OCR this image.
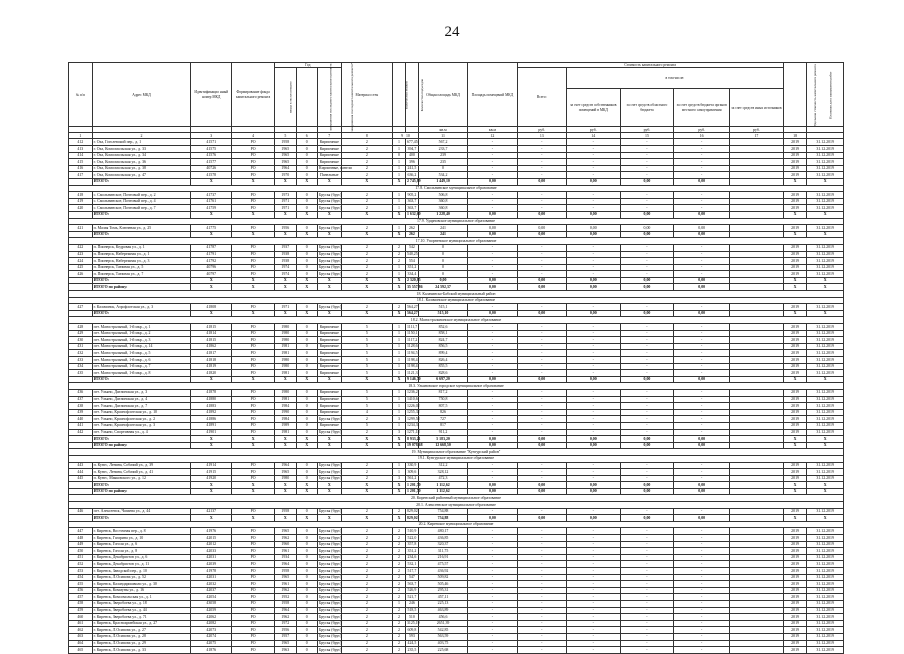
24
№ п/п	Адрес МКД	Идентификацио нный номер МКД	Формирование фонда капитального ремонта	Год			Материал стен	Количество этажей	Количество подъездов	Общая площадь МКД	Площадь помещений МКД	Стоимость капитального ремонта					Удельная стоимость капитального ремонта	Плановая дата завершения работ
				ввода в эксплуатацию	завершения последнего капитального ремонта	завершения последнего капитального ремонта*						Всего:	в том числе:					
													за счет средств собственников помещений в МКД	за счет средств областного бюджета	за счет средств бюджета органов местного самоуправления	за счет средств иных источников		
										кв.м	кв.м	руб.	руб.	руб.	руб.	руб.		
1	2	3	4	5	6	7	8	9 10		11	12	13	14	15	16	17	18	
412	г. Оха, Гоголевский пер., д. 1	41571	РО	1958	0	Кирпичные	2	1	677,45	567,2	-	-	-	-	-		2019	31.12.2019
413	г. Оха, Комсомольская ул., д. 33	41575	РО	1965	0	Кирпичные	2	1	394,7	233,7	-	-	-	-	-		2019	31.12.2019
414	г. Оха, Комсомольская ул., д. 34	41576	РО	1965	0	Кирпичные	2	0	400	239	-	-	-	-	-		2019	31.12.2019
415	г. Оха, Комсомольская ул., д. 36	41577	РО	1965	0	Кирпичные	2	1	396	235	-	-	-	-	-		2019	31.12.2019
416	г. Оха, Комсомольская ул., д. 38	40726	РО	1964	0	Кирпичные, панели	2	1	241,5	0	-	-	-	-	-		2019	31.12.2019
417	г. Оха, Комсомольская ул., д. 47	41578	РО	1970	0	Панельные	2	1	636,2	534,2	-	-	-	-	-		2019	31.12.2019
	ИТОГО:	X	X	X	X	X	X	X	2 745,89	1 449,10	0,00	0,00	0,00	0,00	0,00		X	X
17.8. Смольнинское муниципальное образование																		
418	с. Смольнинское, Почтовый пер., д. 2	41737	РО	1973	0	Брусья (брус)	2	1	905,2	506,8	-	-	-	-	-		2019	31.12.2019
419	с. Смольнинское, Почтовый пер., д. 4	41761	РО	1971	0	Брусья (брус)	2	1	363,7	360,8	-	-	-	-	-		2019	31.12.2019
420	с. Смольнинское, Почтовый пер., д. 7	41759	РО	1971	0	Брусья (брус)	2	1	363,7	360,8	-	-	-	-	-		2019	31.12.2019
	ИТОГО:	X	X	X	X	X	X	X	1 632,60	1 228,40	0,00	0,00	0,00	0,00	0,00		X	X
17.9. Ударновское муниципальное образование																		
421	п. Малая Томь, Ключевая ул., д. 25	41775	РО	1956	0	Брусья (брус)	2	1	262	241	0,00	0,00	0,00	0,00	0,00		2019	31.12.2019
	ИТОГО:	X	X	X	X	X	X	X	262	241	0,00	0,00	0,00	0,00	0,00		X	X
17.10. Упорненское муниципальное образование																		
422	п. Пионерск, Кедровая ул., д. 1	41787	РО	1937	0	Брусья (брус)	2	2	542	0	-	-	-	-	-		2019	31.12.2019
423	п. Пионерск, Набережная ул., д. 1	41791	РО	1938	0	Брусья (брус)	2	2	540,25	0	-	-	-	-	-		2019	31.12.2019
424	п. Пионерск, Набережная ул., д. 3	41792	РО	1938	0	Брусья (брус)	2	2	554	0	-	-	-	-	-		2019	31.12.2019
425	п. Пионерск, Таежная ул., д. 5	40796	РО	1974	0	Брусья (брус)	2	1	351,2	0	-	-	-	-	-		2019	31.12.2019
426	п. Пионерск, Таежная ул., д. 7	40797	РО	1974	0	Брусья (брус)	2	1	334,4	0	-	-	-	-	-		2019	31.12.2019
	ИТОГО:	X	X	X	X	X	X	X	2 320,85	0,00	0,00	0,00	0,00	0,00	0,00		X	X
	ИТОГО по району:	X	X	X	X	X	X	X	35 557,86	24 592,37	0,00	0,00	0,00	0,00	0,00		X	X
18. Калачинско-Бабский муниципальный район																		
18.1. Калачинское муниципальное образование																		
427	г. Калачинск, Аэрофлотская ул., д. 3	41808	РО	1971	0	Брусья (брус)	2	2	564,27	515,1	-	-	-	-	-		2019	31.12.2019
	ИТОГО:	X	X	X	X	X	X	X	564,27	515,10	0,00	0,00	0,00	0,00	0,00		X	X
18.2. Магистральнинское муниципальное образование																		
428	пгт. Магистральный, 1-й мкр., д. 1	41815	РО	1980	0	Кирпичные	5	1	1111,7	852,6	-	-	-	-	-		2019	31.12.2019
429	пгт. Магистральный, 1-й мкр., д. 2	41814	РО	1980	0	Кирпичные	5	1	1150,1	858,1	-	-	-	-	-		2019	31.12.2019
430	пгт. Магистральный, 1-й мкр., д. 3	41815	РО	1980	0	Кирпичные	5	1	1117,2	824,7	-	-	-	-	-		2019	31.12.2019
431	пгт. Магистральный, 1-й мкр., д. 14	41862	РО	1981	0	Кирпичные	5	1	1128,6	856,5	-	-	-	-	-		2019	31.12.2019
432	пгт. Магистральный, 1-й мкр., д. 5	41817	РО	1981	0	Кирпичные	5	1	1194,5	899,4	-	-	-	-	-		2019	31.12.2019
433	пгт. Магистральный, 1-й мкр., д. 6	41818	РО	1980	0	Кирпичные	5	1	1198,4	826,4	-	-	-	-	-		2019	31.12.2019
434	пгт. Магистральный, 1-й мкр., д. 7	41819	РО	1980	0	Кирпичные	5	1	1198,4	855,5	-	-	-	-	-		2019	31.12.2019
435	пгт. Магистральный, 1-й мкр., д. 8	41820	РО	1981	0	Кирпичные	5	1	1121,3	828,6	-	-	-	-	-		2019	31.12.2019
	ИТОГО:	X	X	X	X	X	X	X	9 146,70	6 697,20	0,00	0,00	0,00	0,00	0,00		X	X
18.3. Ульяновское городское муниципальное образование																		
436	пгт. Ульяно, Дятлинская ул., д. 3	41878	РО	1980	0	Кирпичные	5	1	1236,2	817,2	-	-	-	-	-		2019	31.12.2019
437	пгт. Ульяно, Дятлинская ул., д. 4	41880	РО	1981	0	Кирпичные	5	1	1410,6	750,8	-	-	-	-	-		2019	31.12.2019
438	пгт. Ульяно, Дятлинская ул., д. 7	41883	РО	1984	0	Кирпичные	5	1	1226,02	807,5	-	-	-	-	-		2019	31.12.2019
439	пгт. Ульяно, Краснофлотская ул., д. 10	41892	РО	1990	0	Кирпичные	4	1	1255,32	826	-	-	-	-	-		2019	31.12.2019
440	пгт. Ульяно, Краснофлотская ул., д. 2	41886	РО	1984	0	Брусья (брус)	2	3	1299,58	727	-	-	-	-	-		2019	31.12.2019
441	пгт. Ульяно, Краснофлотская ул., д. 3	41891	РО	1989	0	Кирпичные	5	1	1234,31	817	-	-	-	-	-		2019	31.12.2019
442	пгт. Ульяно, Спортивная ул., д. 4	41901	РО	1981	0	Брусья (брус)	2	3	1271,18	911,2	-	-	-	-	-		2019	31.12.2019
	ИТОГО:	X	X	X	X	X	X	X	8 933,21	5 183,20	0,00	0,00	0,00	0,00	0,00		X	X
	ИТОГО по району:	X	X	X	X	X	X	X	19 078,68	12 668,50	0,00	0,00	0,00	0,00	0,00		X	X
19. Муниципальное образование "Кунгурский район"																		
19.1. Кунгурское муниципальное образование																		
443	п. Кунгс, Ленина, Собачий ул., д. 39	41914	РО	1964	0	Брусья (брус)	2	1	330,9	312,2	-	-	-	-	-		2019	31.12.2019
444	п. Кунгс, Ленина, Собачий ул., д. 41	41915	РО	1965	0	Брусья (брус)	2	1	309,6	328,12	-	-	-	-	-		2019	31.12.2019
445	п. Кунгс, Маяковского ул., д. 12	41920	РО	1980	0	Брусья (брус)	2	3	561,2	472,3	-	-	-	-	-		2019	31.12.2019
	ИТОГО:	X	X	X	X	X	X	X	1 201,70	1 112,62	0,00	0,00	0,00	0,00	0,00		X	X
	ИТОГО по району:	X	X	X	X	X	X	X	1 201,70	1 112,62	0,00	0,00	0,00	0,00	0,00		X	X
20. Киренский районный муниципальное образование																		
20.1. Алексеевское муниципальное образование																		
446	пгт. Алексеевск, Чапаева ул., д. 44	42137	РО	1958	0	Брусья (брус)	2	2	829,02	754,88	-	-	-	-	-		2019	31.12.2019
	ИТОГО:	X	X	X	X	X	X	X	829,02	754,88	0,00	0,00	0,00	0,00	0,00		X	X
20.2. Киренское муниципальное образование																		
447	г. Киренск, Восточная пер., д. 8	41976	РО	1965	0	Брусья (брус)	2	2	510,9	480,17	-	-	-	-	-		2019	31.12.2019
448	г. Киренск, Гагарина ул., д. 10	42015	РО	1962	0	Брусья (брус)	2	2	522,0	436,85	-	-	-	-	-		2019	31.12.2019
449	г. Киренск, Гоголя ул., д. 6	42012	РО	1960	0	Брусья (брус)	2	2	357,8	320,37	-	-	-	-	-		2019	31.12.2019
450	г. Киренск, Гоголя ул., д. 8	42033	РО	1961	0	Брусья (брус)	2	2	351,2	311,75	-	-	-	-	-		2019	31.12.2019
451	г. Киренск, Декабристов ул., д. 6	42031	РО	1934	0	Брусья (брус)	2	2	234,6	216,91	-	-	-	-	-		2019	31.12.2019
452	г. Киренск, Декабристов ул., д. 11	42039	РО	1964	0	Брусья (брус)	2	2	532,1	475,57	-	-	-	-	-		2019	31.12.2019
453	г. Киренск, Заводской пер., д. 10	41978	РО	1958	0	Брусья (брус)	2	2	517,7	436,92	-	-	-	-	-		2019	31.12.2019
454	г. Киренск, Л.Осипова ул., д. 52	42031	РО	1965	0	Брусья (брус)	2	2	547	509,82	-	-	-	-	-		2019	31.12.2019
455	г. Киренск, Каландаришвили ул., д. 30	42032	РО	1961	0	Брусья (брус)	2	2	563,7	505,46	-	-	-	-	-		2019	31.12.2019
456	г. Киренск, Коммуны ул., д. 16	42037	РО	1962	0	Брусья (брус)	2	2	526,9	295,31	-	-	-	-	-		2019	31.12.2019
457	г. Киренск, Комсомольская ул., д. 1	42054	РО	1952	0	Брусья (брус)	2	2	521,7	457,11	-	-	-	-	-		2019	31.12.2019
458	г. Киренск, Зверобоева ул., д. 18	43058	РО	1958	0	Брусья (брус)	2	1	246	225,13	-	-	-	-	-		2019	31.12.2019
459	г. Киренск, Зверобоева ул., д. 44	42059	РО	1964	0	Брусья (брус)	2	2	518,5	463,89	-	-	-	-	-		2019	31.12.2019
460	г. Киренск, Зверобоева ул., д. 71	42062	РО	1962	0	Брусья (брус)	2	2	510	456,6	-	-	-	-	-		2019	31.12.2019
461	г. Киренск, Красноармейская ул., д. 27	42082	РО	1972	0	Брусья (брус)	2	2	3125,19	2651,39	-	-	-	-	-		2019	31.12.2019
462	г. Киренск, Л.Осипова ул., д. 27	42073	РО	1956	0	Брусья (брус)	2	2	609,8	542,85	-	-	-	-	-		2019	31.12.2019
463	г. Киренск, Л.Осипова ул., д. 28	42074	РО	1957	0	Брусья (брус)	2	2	593	563,59	-	-	-	-	-		2019	31.12.2019
464	г. Киренск, Л.Осипова ул., д. 29	42075	РО	1965	0	Брусья (брус)	2	2	424,5	403,75	-	-	-	-	-		2019	31.12.2019
465	г. Киренск, Л.Осипова ул., д. 33	41876	РО	1963	0	Брусья (брус)	2	2	235,5	225,68	-	-	-	-	-		2019	31.12.2019
